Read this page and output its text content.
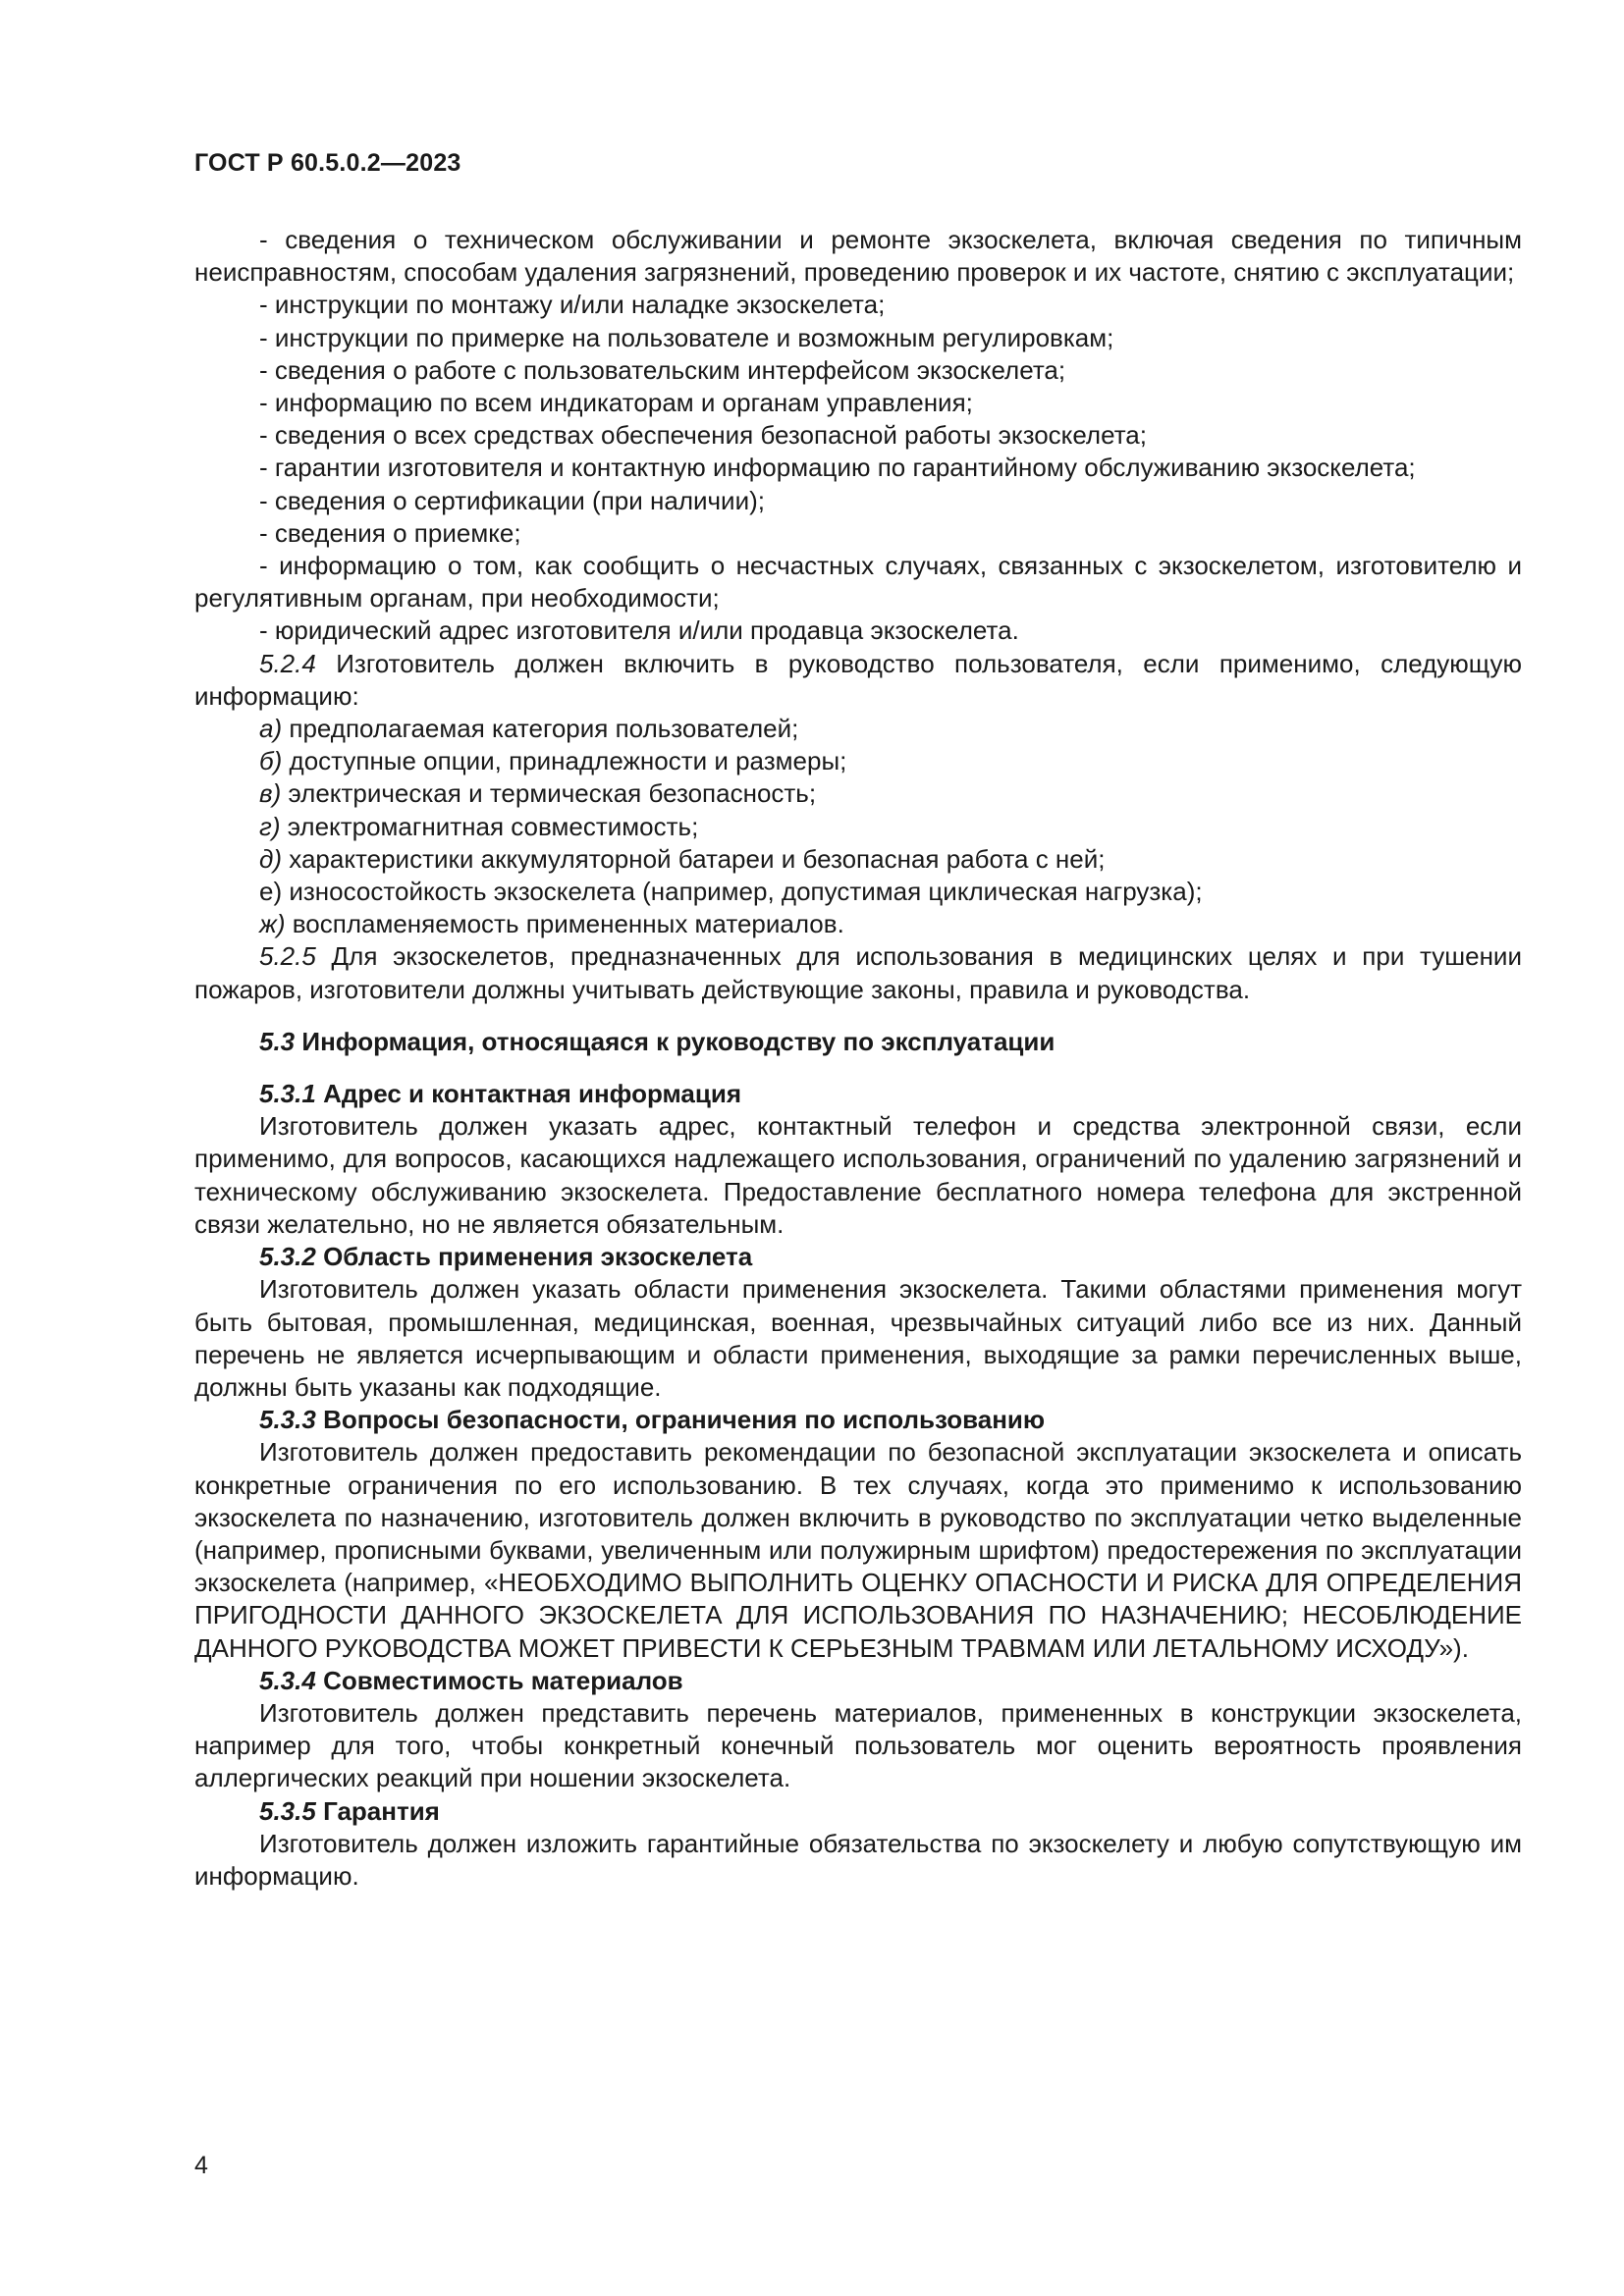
ГОСТ Р 60.5.0.2—2023

- сведения о техническом обслуживании и ремонте экзоскелета, включая сведения по типичным неисправностям, способам удаления загрязнений, проведению проверок и их частоте, снятию с эксплуатации;

- инструкции по монтажу и/или наладке экзоскелета;

- инструкции по примерке на пользователе и возможным регулировкам;

- сведения о работе с пользовательским интерфейсом экзоскелета;

- информацию по всем индикаторам и органам управления;

- сведения о всех средствах обеспечения безопасной работы экзоскелета;

- гарантии изготовителя и контактную информацию по гарантийному обслуживанию экзоскелета;

- сведения о сертификации (при наличии);

- сведения о приемке;

- информацию о том, как сообщить о несчастных случаях, связанных с экзоскелетом, изготовителю и регулятивным органам, при необходимости;

- юридический адрес изготовителя и/или продавца экзоскелета.

5.2.4 Изготовитель должен включить в руководство пользователя, если применимо, следующую информацию:

а) предполагаемая категория пользователей;

б) доступные опции, принадлежности и размеры;

в) электрическая и термическая безопасность;

г) электромагнитная совместимость;

д) характеристики аккумуляторной батареи и безопасная работа с ней;

е) износостойкость экзоскелета (например, допустимая циклическая нагрузка);

ж) воспламеняемость примененных материалов.

5.2.5 Для экзоскелетов, предназначенных для использования в медицинских целях и при тушении пожаров, изготовители должны учитывать действующие законы, правила и руководства.

5.3 Информация, относящаяся к руководству по эксплуатации

5.3.1 Адрес и контактная информация

Изготовитель должен указать адрес, контактный телефон и средства электронной связи, если применимо, для вопросов, касающихся надлежащего использования, ограничений по удалению загрязнений и техническому обслуживанию экзоскелета. Предоставление бесплатного номера телефона для экстренной связи желательно, но не является обязательным.

5.3.2 Область применения экзоскелета

Изготовитель должен указать области применения экзоскелета. Такими областями применения могут быть бытовая, промышленная, медицинская, военная, чрезвычайных ситуаций либо все из них. Данный перечень не является исчерпывающим и области применения, выходящие за рамки перечисленных выше, должны быть указаны как подходящие.

5.3.3 Вопросы безопасности, ограничения по использованию

Изготовитель должен предоставить рекомендации по безопасной эксплуатации экзоскелета и описать конкретные ограничения по его использованию. В тех случаях, когда это применимо к использованию экзоскелета по назначению, изготовитель должен включить в руководство по эксплуатации четко выделенные (например, прописными буквами, увеличенным или полужирным шрифтом) предостережения по эксплуатации экзоскелета (например, «НЕОБХОДИМО ВЫПОЛНИТЬ ОЦЕНКУ ОПАСНОСТИ И РИСКА ДЛЯ ОПРЕДЕЛЕНИЯ ПРИГОДНОСТИ ДАННОГО ЭКЗОСКЕЛЕТА ДЛЯ ИСПОЛЬЗОВАНИЯ ПО НАЗНАЧЕНИЮ; НЕСОБЛЮДЕНИЕ ДАННОГО РУКОВОДСТВА МОЖЕТ ПРИВЕСТИ К СЕРЬЕЗНЫМ ТРАВМАМ ИЛИ ЛЕТАЛЬНОМУ ИСХОДУ»).

5.3.4 Совместимость материалов

Изготовитель должен представить перечень материалов, примененных в конструкции экзоскелета, например для того, чтобы конкретный конечный пользователь мог оценить вероятность проявления аллергических реакций при ношении экзоскелета.

5.3.5 Гарантия

Изготовитель должен изложить гарантийные обязательства по экзоскелету и любую сопутствующую им информацию.

4
